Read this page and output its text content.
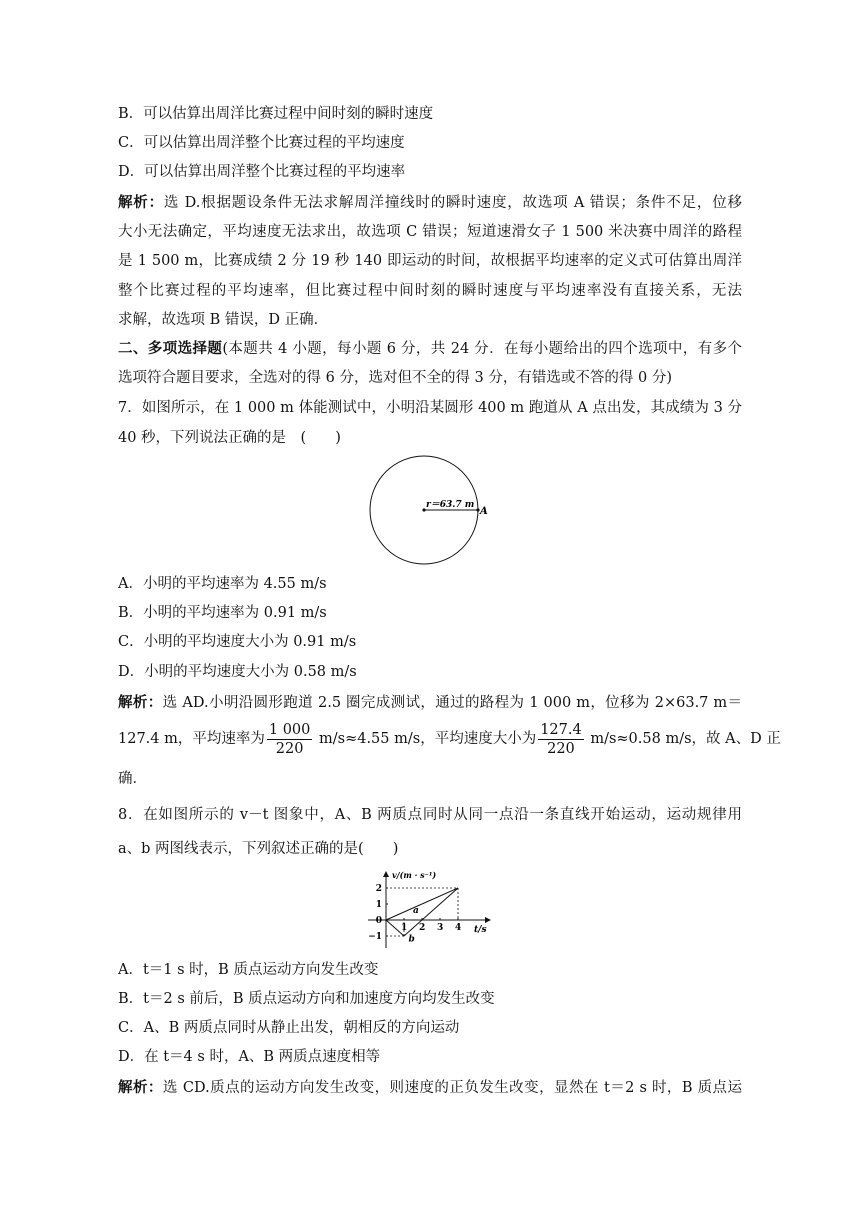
B．可以估算出周洋比赛过程中间时刻的瞬时速度
C．可以估算出周洋整个比赛过程的平均速度
D．可以估算出周洋整个比赛过程的平均速率
解析：选 D.根据题设条件无法求解周洋撞线时的瞬时速度，故选项 A 错误；条件不足，位移
大小无法确定，平均速度无法求出，故选项 C 错误；短道速滑女子 1 500 米决赛中周洋的路程
是 1 500 m，比赛成绩 2 分 19 秒 140 即运动的时间，故根据平均速率的定义式可估算出周洋
整个比赛过程的平均速率，但比赛过程中间时刻的瞬时速度与平均速率没有直接关系，无法
求解，故选项 B 错误，D 正确．
二、多项选择题(本题共 4 小题，每小题 6 分，共 24 分．在每小题给出的四个选项中，有多个
选项符合题目要求，全选对的得 6 分，选对但不全的得 3 分，有错选或不答的得 0 分)
7．如图所示，在 1 000 m 体能测试中，小明沿某圆形 400 m 跑道从 A 点出发，其成绩为 3 分
40 秒，下列说法正确的是　(　　)
r＝63.7 m
A
A．小明的平均速率为 4.55 m/s
B．小明的平均速率为 0.91 m/s
C．小明的平均速度大小为 0.91 m/s
D．小明的平均速度大小为 0.58 m/s
解析：选 AD.小明沿圆形跑道 2.5 圈完成测试，通过的路程为 1 000 m，位移为 2×63.7 m＝
127.4 m，平均速率为 $\frac{1 000}{220} m/s\approx 4.55$ m/s，平均速度大小为 $\frac{127.4}{220} m/s\approx 0.58$ m/s，故 A、D 正
确．
8．在如图所示的 v－t 图象中，A、B 两质点同时从同一点沿一条直线开始运动，运动规律用
a、b 两图线表示，下列叙述正确的是(　　)
1 2 3 4
2
1
0
−1
a
b
v/(m · s⁻¹)
t/s
A．t＝1 s 时，B 质点运动方向发生改变
B．t＝2 s 前后，B 质点运动方向和加速度方向均发生改变
C．A、B 两质点同时从静止出发，朝相反的方向运动
D．在 t＝4 s 时，A、B 两质点速度相等
解析：选 CD.质点的运动方向发生改变，则速度的正负发生改变，显然在 t＝2 s 时，B 质点运
